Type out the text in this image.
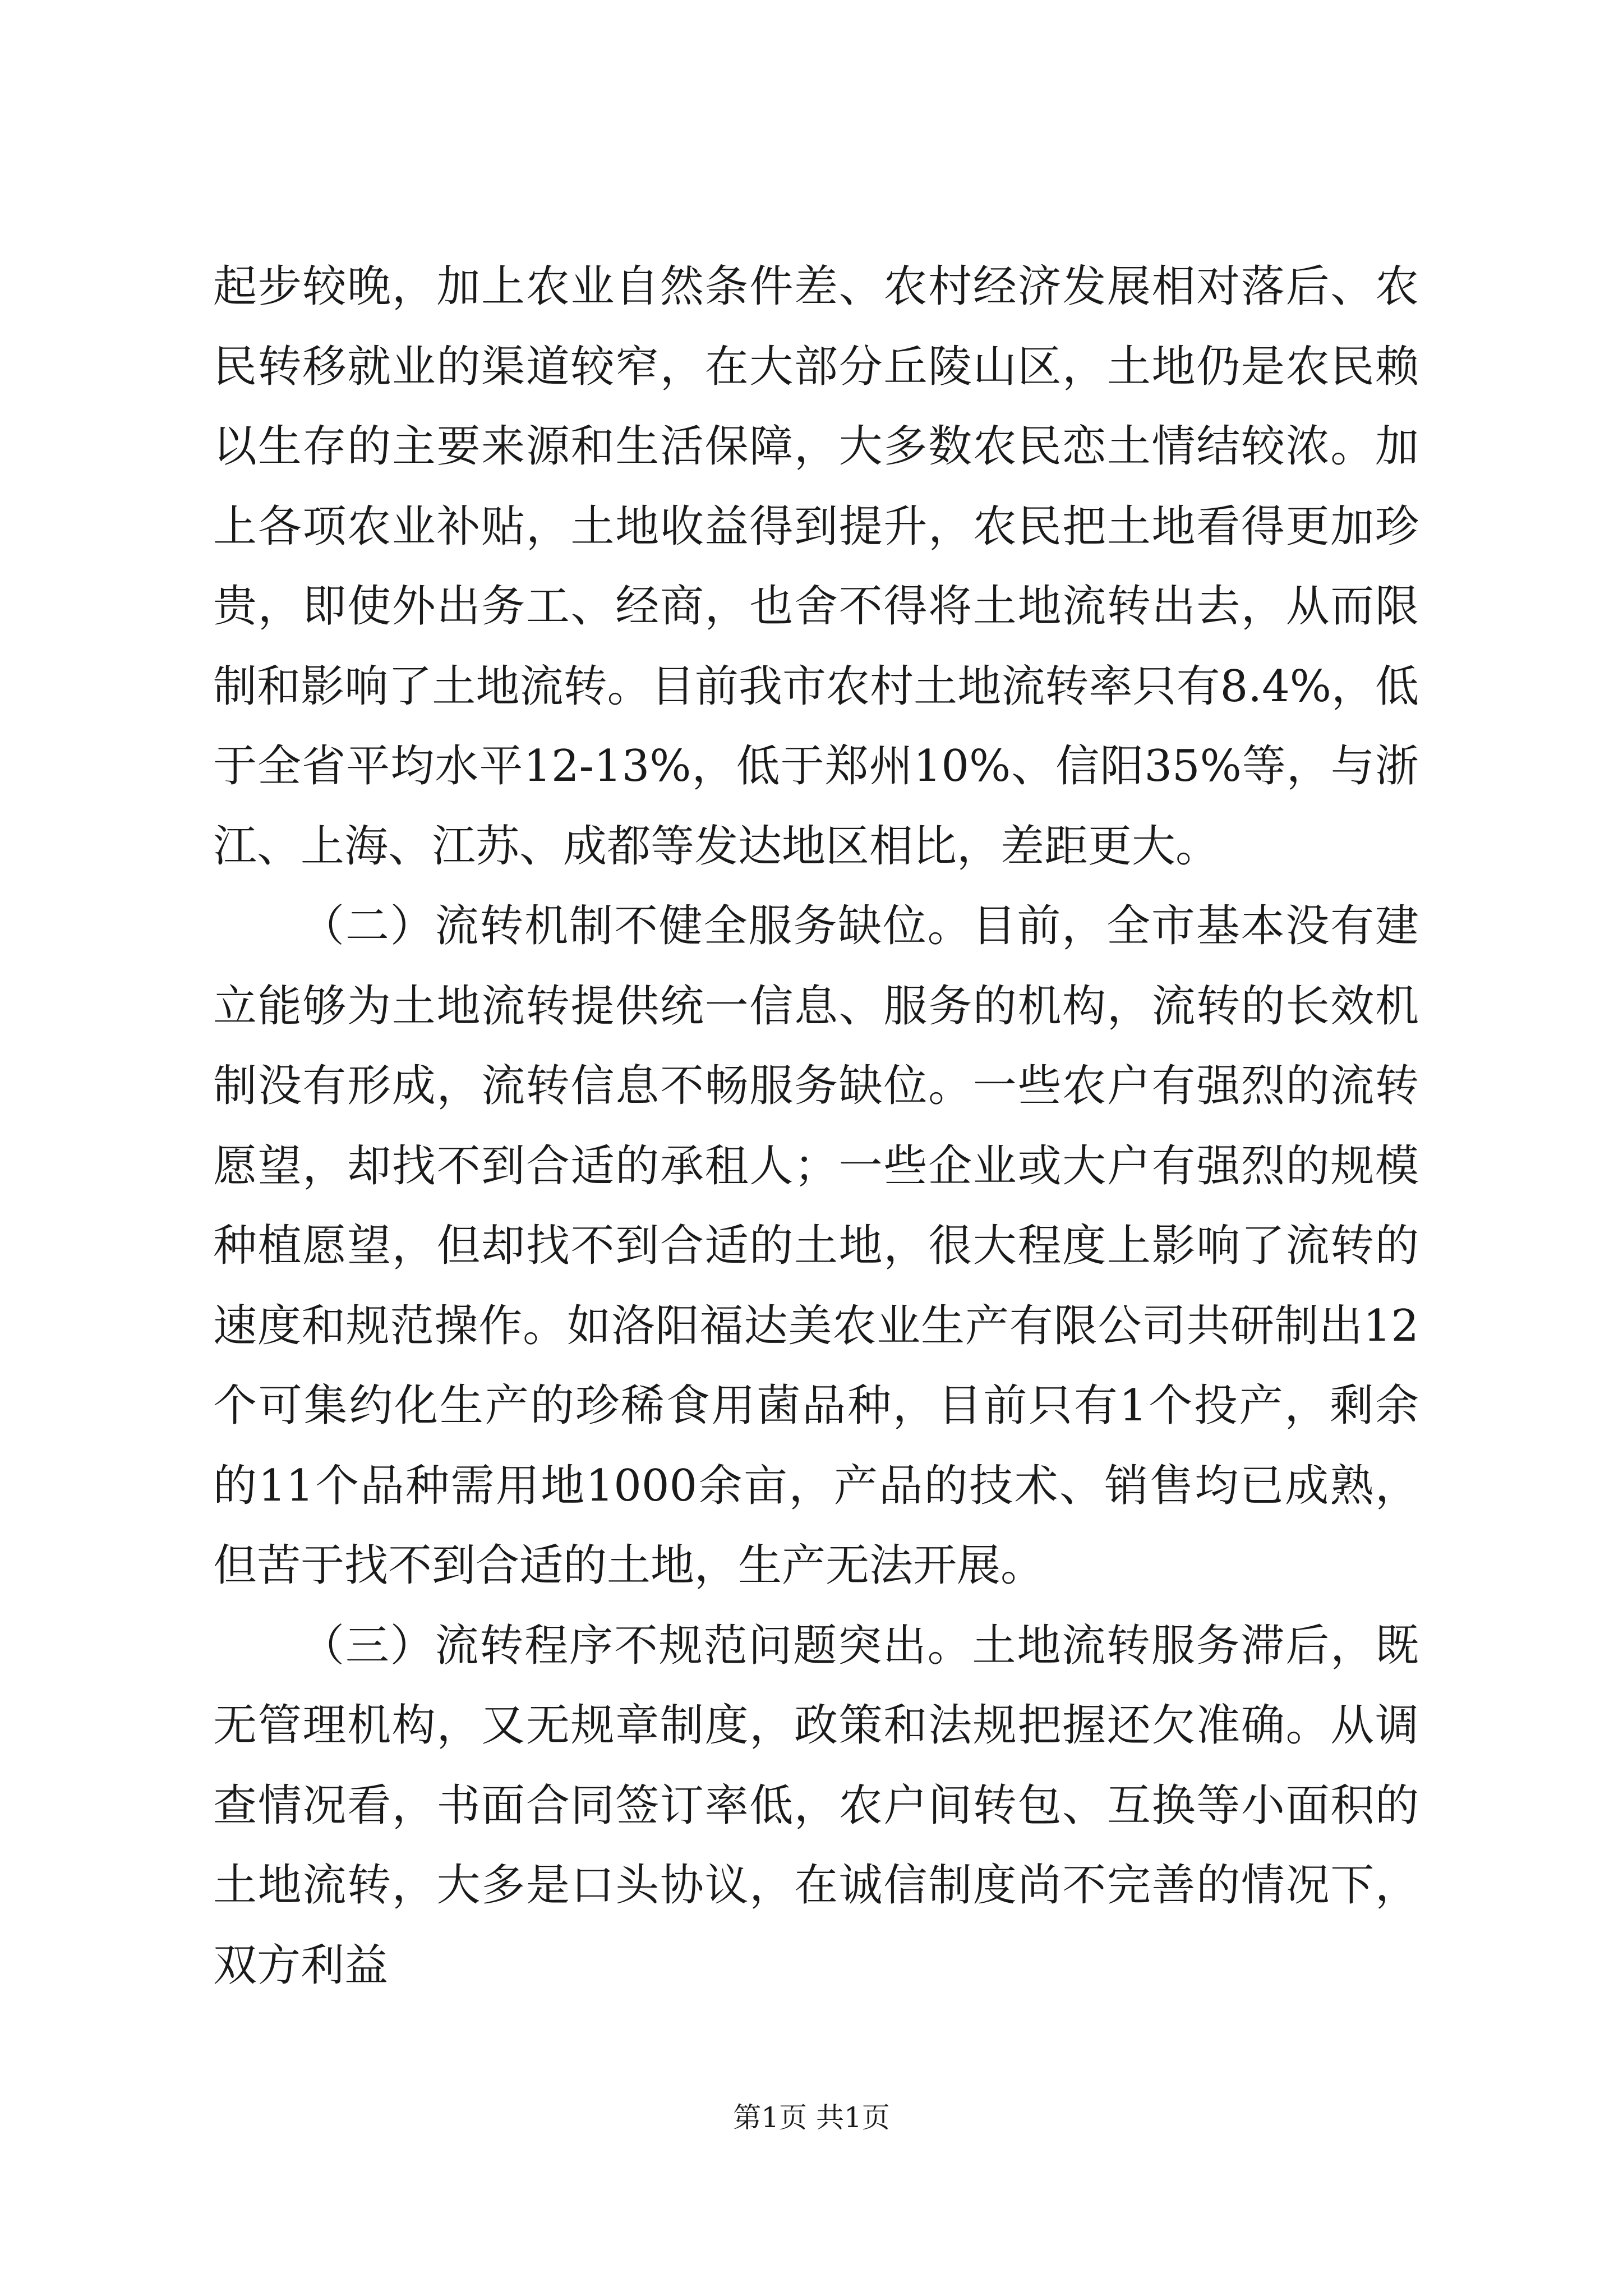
起步较晚，加上农业自然条件差、农村经济发展相对落后、农民转移就业的渠道较窄，在大部分丘陵山区，土地仍是农民赖以生存的主要来源和生活保障，大多数农民恋土情结较浓。加上各项农业补贴，土地收益得到提升，农民把土地看得更加珍贵，即使外出务工、经商，也舍不得将土地流转出去，从而限制和影响了土地流转。目前我市农村土地流转率只有8.4%，低于全省平均水平12-13%，低于郑州10%、信阳35%等，与浙江、上海、江苏、成都等发达地区相比，差距更大。

（二）流转机制不健全服务缺位。目前，全市基本没有建立能够为土地流转提供统一信息、服务的机构，流转的长效机制没有形成，流转信息不畅服务缺位。一些农户有强烈的流转愿望，却找不到合适的承租人；一些企业或大户有强烈的规模种植愿望，但却找不到合适的土地，很大程度上影响了流转的速度和规范操作。如洛阳福达美农业生产有限公司共研制出12个可集约化生产的珍稀食用菌品种，目前只有1个投产，剩余的11个品种需用地1000余亩，产品的技术、销售均已成熟，但苦于找不到合适的土地，生产无法开展。

（三）流转程序不规范问题突出。土地流转服务滞后，既无管理机构，又无规章制度，政策和法规把握还欠准确。从调查情况看，书面合同签订率低，农户间转包、互换等小面积的土地流转，大多是口头协议，在诚信制度尚不完善的情况下，双方利益

第1页 共1页
